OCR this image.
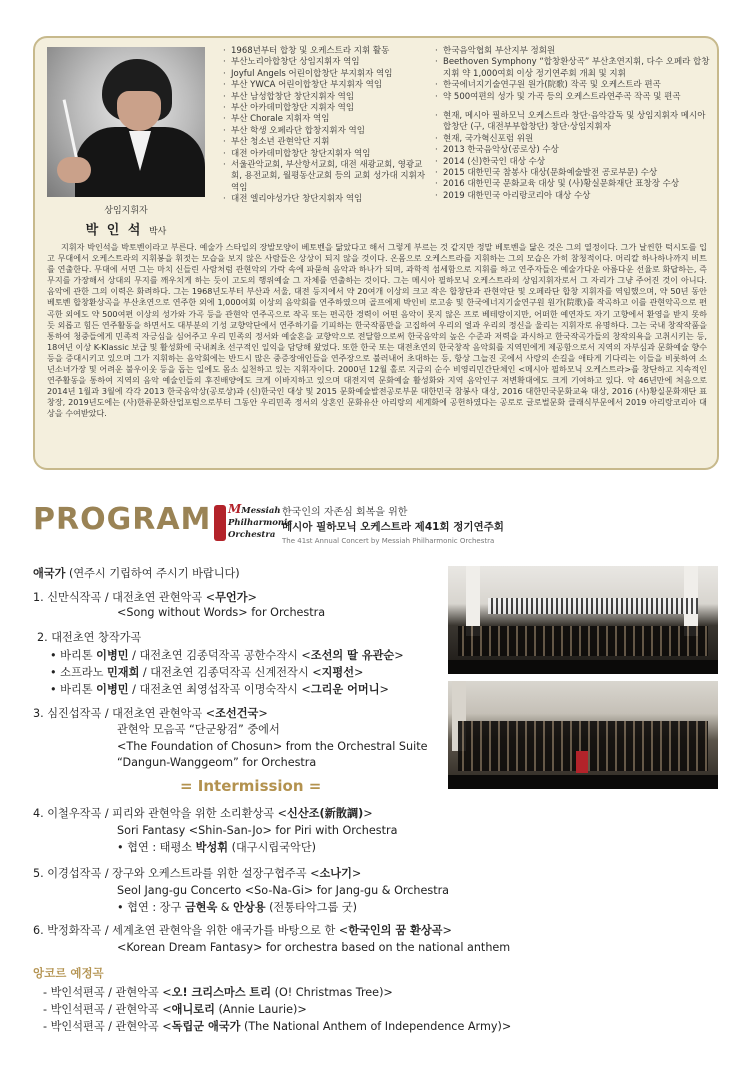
상임지휘자
박 인 석 박사
· 1968년부터 합창 및 오케스트라 지휘 활동
· 부산노리아합창단 상임지휘자 역임
· Joyful Angels 어린이합창단 부지휘자 역임
· 부산 YWCA 어린이합창단 부지휘자 역임
· 부산 남성합창단 창단지휘자 역임
· 부산 아카데미합창단 지휘자 역임
· 부산 Chorale 지휘자 역임
· 부산 학생 오페라단 합창지휘자 역임
· 부산 청소년 관현악단 지휘
· 대전 아카데미합창단 창단지휘자 역임
· 서울관악교회, 부산항서교회, 대전 새광교회, 영광교회, 용전교회, 월평동산교회 등의 교회 성가대 지휘자 역임
· 대전 엘리야성가단 창단지휘자 역임
· 한국음악협회 부산지부 정회원
· Beethoven Symphony “합창환상곡” 부산초연지휘, 다수 오페라 합창지휘 약 1,000여회 이상 정기연주회 개최 및 지휘
· 한국에너지기술연구원 원가(院歌) 작곡 및 오케스트라 편곡
· 약 500여편의 성가 및 가곡 등의 오케스트라연주곡 작곡 및 편곡
· 현재, 메시아 필하모닉 오케스트라 창단·음악감독 및 상임지휘자 메시아 합창단 (구, 대전부부합창단) 창단·상임지휘자
· 현재, 국가혁신포럼 위원
· 2013 한국음악상(공로상) 수상
· 2014 (신)한국인 대상 수상
· 2015 대한민국 참봉사 대상(문화예술발전 공로부문) 수상
· 2016 대한민국 문화교육 대상 및 (사)황실문화재단 표창장 수상
· 2019 대한민국 아리랑코리아 대상 수상

지휘자 박인석을 박토벤이라고 부른다. 예술가 스타일의 장발모양이 베토벤을 닮았다고 해서 그렇게 부르는 것 같지만 정말 베토벤을 닮은 것은 그의 열정이다. 그가 날씬한 턱시도를 입고 무대에서 오케스트라의 지휘봉을 휘젓는 모습을 보지 않은 사람들은 상상이 되지 않을 것이다. 온몸으로 오케스트라를 지휘하는 그의 모습은 가히 참청적이다. 머리칼 하나하나까지 비트를 연출한다. 무대에 서면 그는 마치 신들린 사람처럼 관현악의 가락 속에 파묻혀 음악과 하나가 되며, 과학적 섬세함으로 지휘를 하고 연주자들은 예술가다운 아름다운 선율로 화답하는, 즉 무지를 가장해서 상대의 무지를 깨우치게 하는 듯이 고도의 행위예술 그 자체를 연출하는 것이다. 그는 메시아 필하모닉 오케스트라의 상임지휘자로서 그 자리가 그냥 주어진 것이 아니다. 음악에 관한 그의 이력은 화려하다. 그는 1968년도부터 부산과 서울, 대전 등지에서 약 20여개 이상의 크고 작은 합창단과 관현악단 및 오페라단 합창 지휘자를 역임했으며, 약 50년 동안 베토벤 합창환상곡을 부산초연으로 연주한 외에 1,000여회 이상의 음악회를 연주하였으며 골프에제 박인비 로고송 및 한국에너지기술연구원 원가(院歌)를 작곡하고 이를 관현악곡으로 편곡한 외에도 약 500여편 이상의 성가와 가곡 등을 관현악 연주곡으로 작곡 또는 편곡한 경력이 어떤 음악이 못지 않은 프로 베테랑이지만, 어떠한 예연자도 자기 고향에서 환영을 받지 못하듯 외롭고 힘든 연주활동을 하면서도 대부분의 기성 교향악단에서 연주하기를 기피하는 한국작품만을 고집하여 우리의 얼과 우리의 정신을 울리는 지휘자로 유명하다. 그는 국내 창작작품을 통하여 청중들에게 민족적 자긍심을 심어주고 우리 민족의 정서와 예술혼을 교향악으로 전달함으로써 한국음악의 높은 수준과 저력을 과시하고 한국작곡가들의 창작의욕을 고취시키는 등, 18여년 이상 K-Klassic 보급 및 활성화에 국내최초 선구적인 일익을 담당해 왔었다. 또한 한국 또는 대전초연의 한국창작 음악회를 지역민에게 제공함으로서 지역의 자부심과 문화예술 향수 등을 증대시키고 있으며 그가 지휘하는 음악회에는 반드시 많은 중증장애인들을 연주장으로 불러내어 초대하는 등, 항상 그늘진 곳에서 사랑의 손길을 애타게 기다리는 이들을 비롯하여 소년소녀가장 및 어려운 불우이웃 등을 돕는 일에도 몸소 실천하고 있는 지휘자이다. 2000년 12월 홀로 지금의 순수 비영리민간단체인 <메시아 필하모닉 오케스트라>를 창단하고 지속적인 연주활동을 통하여 지역의 음악 예술인들의 후진배양에도 크게 이바지하고 있으며 대전지역 문화예술 활성화와 지역 음악인구 저변확대에도 크게 기여하고 있다. 악 46년만에 처음으로 2014년 1월과 3월에 각각 2013 한국음악상(공로상)과 (신)한국인 대상 및 2015 문화예술발전공로부문 대한민국 참봉사 대상, 2016 대한민국문화교육 대상, 2016 (사)황실문화재단 표창장, 2019년도에는 (사)한류문화산업포럼으로부터 그동안 우리민족 정서의 상혼인 문화유산 아리랑의 세계화에 공헌하였다는 공로로 글로벌문화 클래식부문에서 2019 아리랑코리아 대상을 수여받았다.

PROGRAM MMessiah
Philharmonic
Orchestra
한국인의 자존심 회복을 위한
메시아 필하모닉 오케스트라 제41회 정기연주회
The 41st Annual Concert by Messiah Philharmonic Orchestra
애국가 (연주시 기립하여 주시기 바랍니다)
1. 신만식작곡 / 대전초연 관현악곡 <무언가>
<Song without Words> for Orchestra
2. 대전초연 창작가곡
• 바리톤 이병민 / 대전초연 김종덕작곡 공한수작시 <조선의 딸 유관순>
• 소프라노 민재희 / 대전초연 김종덕작곡 신계전작시 <지평선>
• 바리톤 이병민 / 대전초연 최영섭작곡 이명숙작시 <그리운 어머니>
3. 심진섭작곡 / 대전초연 관현악곡 <조선건국>
관현악 모음곡 “단군왕검” 중에서
<The Foundation of Chosun> from the Orchestral Suite
“Dangun-Wanggeom” for Orchestra
= Intermission =
4. 이철우작곡 / 피리와 관현악을 위한 소리환상곡 <신산조(新散調)>
Sori Fantasy <Shin-San-Jo> for Piri with Orchestra
• 협연 : 태평소 박성휘 (대구시립국악단)
5. 이경섭작곡 / 장구와 오케스트라를 위한 설장구협주곡 <소나기>
Seol Jang-gu Concerto <So-Na-Gi> for Jang-gu & Orchestra
• 협연 : 장구 금현욱 & 안상용 (전통타악그룹 굿)
6. 박정화작곡 / 세계초연 관현악을 위한 애국가를 바탕으로 한 <한국인의 꿈 환상곡>
<Korean Dream Fantasy> for orchestra based on the national anthem
앙코르 예정곡
- 박인석편곡 / 관현악곡 <오! 크리스마스 트리 (O! Christmas Tree)>
- 박인석편곡 / 관현악곡 <애니로리 (Annie Laurie)>
- 박인석편곡 / 관현악곡 <독립군 애국가 (The National Anthem of Independence Army)>
